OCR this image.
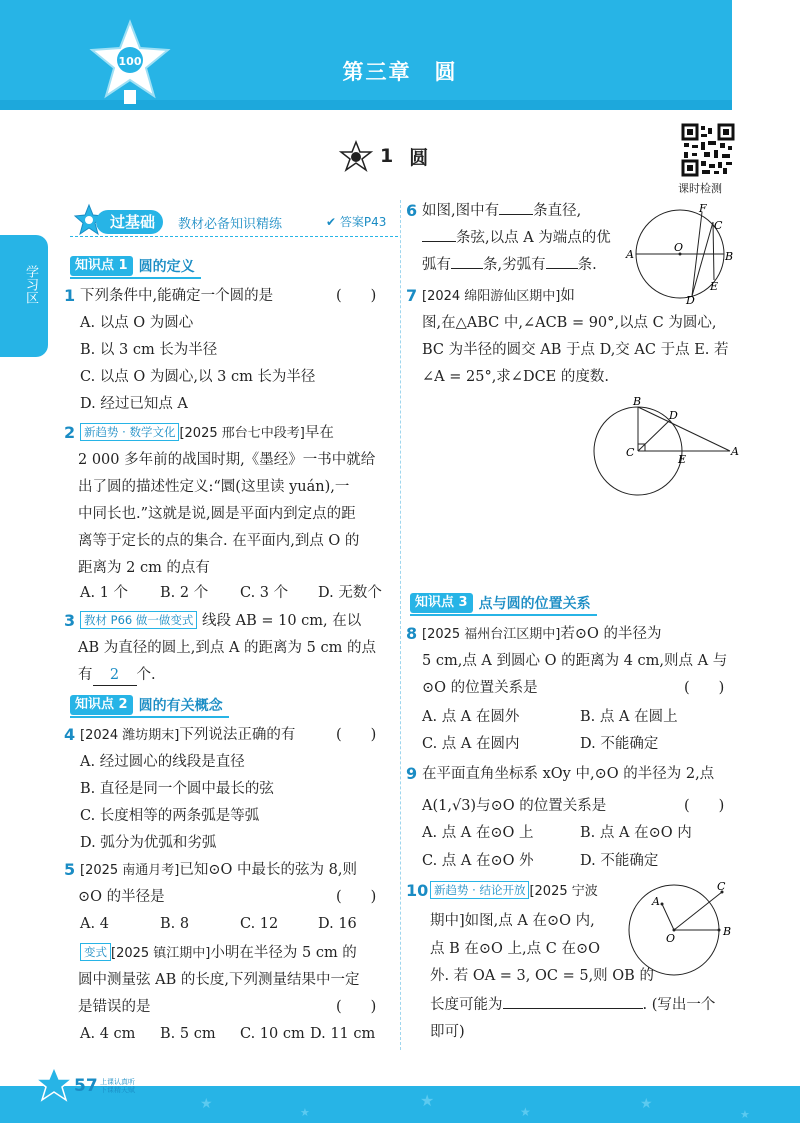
100	第三章　圆
学习区
1 圆
课时检测
过基础	教材必备知识精练	✔ 答案P43
知识点 1 圆的定义
1 下列条件中,能确定一个圆的是	(　　)
A. 以点 O 为圆心
B. 以 3 cm 长为半径
C. 以点 O 为圆心,以 3 cm 长为半径
D. 经过已知点 A
2 新趋势 · 数学文化 [2025 邢台七中段考]早在
2 000 多年前的战国时期,《墨经》一书中就给
出了圆的描述性定义:“圜(这里读 yuán),一
中同长也.”这就是说,圆是平面内到定点的距
离等于定长的点的集合. 在平面内,到点 O 的
距离为 2 cm 的点有
A. 1 个 B. 2 个 C. 3 个 D. 无数个
3 教材 P66 做一做变式 线段 AB = 10 cm, 在以
AB 为直径的圆上,到点 A 的距离为 5 cm 的点
有 2 个.
知识点 2 圆的有关概念
4 [2024 潍坊期末]下列说法正确的有	(　　)
A. 经过圆心的线段是直径
B. 直径是同一个圆中最长的弦
C. 长度相等的两条弧是等弧
D. 弧分为优弧和劣弧
5 [2025 南通月考]已知⊙O 中最长的弦为 8,则
⊙O 的半径是	(　　)
A. 4	B. 8	C. 12	D. 16
变式 [2025 镇江期中]小明在半径为 5 cm 的
圆中测量弦 AB 的长度,下列测量结果中一定
是错误的是	(　　)
A. 4 cm B. 5 cm C. 10 cm D. 11 cm
6 如图,图中有 条直径,
条弦,以点 A 为端点的优
弧有 条,劣弧有 条.
F
C
A
O
B
D
E
7 [2024 绵阳游仙区期中]如
图,在△ABC 中,∠ACB = 90°,以点 C 为圆心,
BC 为半径的圆交 AB 于点 D,交 AC 于点 E. 若
∠A = 25°,求∠DCE 的度数.
B
D
C
E
A
知识点 3 点与圆的位置关系
8 [2025 福州台江区期中]若⊙O 的半径为
5 cm,点 A 到圆心 O 的距离为 4 cm,则点 A 与
⊙O 的位置关系是	(　　)
A. 点 A 在圆外	B. 点 A 在圆上
C. 点 A 在圆内	D. 不能确定
9 在平面直角坐标系 xOy 中,⊙O 的半径为 2,点
A(1,√3)与⊙O 的位置关系是	(　　)
A. 点 A 在⊙O 上	B. 点 A 在⊙O 内
C. 点 A 在⊙O 外	D. 不能确定
10 新趋势 · 结论开放 [2025 宁波
期中]如图,点 A 在⊙O 内,
点 B 在⊙O 上,点 C 在⊙O
外. 若 OA = 3, OC = 5,则 OB 的
长度可能为	. (写出一个
即可)
C
A
O
B
★
★
★
★	★
★
57 上课认真听
下课精天赋
